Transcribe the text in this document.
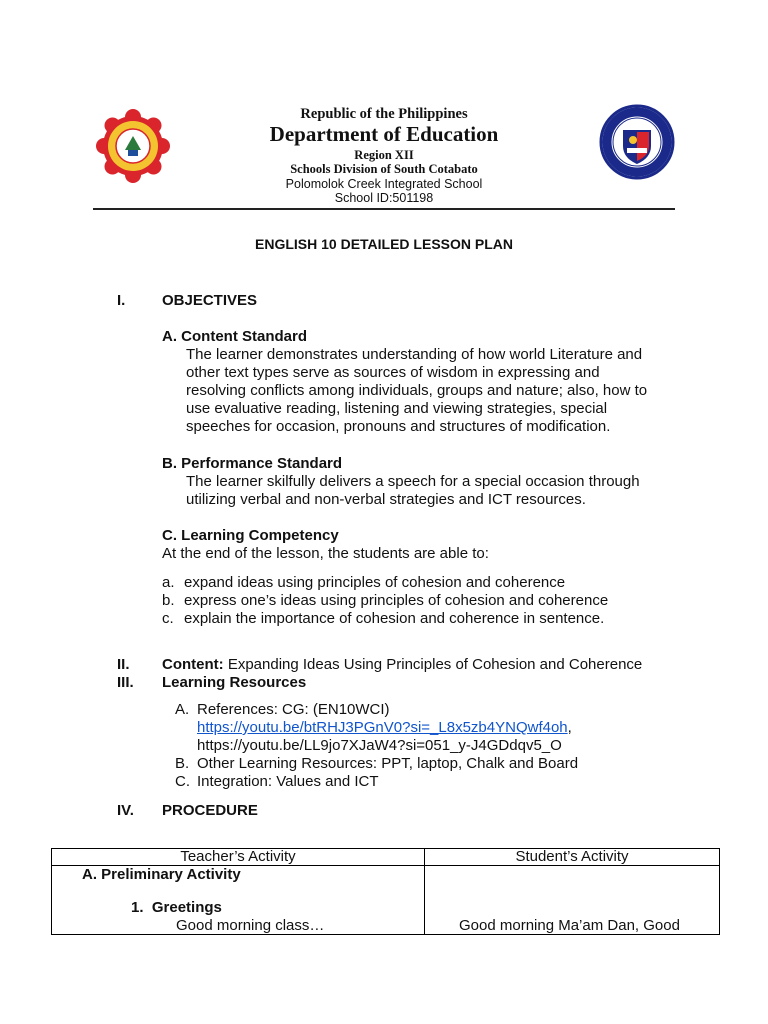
Republic of the Philippines
Department of Education
Region XII
Schools Division of South Cotabato
Polomolok Creek Integrated School
School ID:501198
ENGLISH 10 DETAILED LESSON PLAN
I. OBJECTIVES
A. Content Standard
The learner demonstrates understanding of how world Literature and
other text types serve as sources of wisdom in expressing and
resolving conflicts among individuals, groups and nature; also, how to
use evaluative reading, listening and viewing strategies, special
speeches for occasion, pronouns and structures of modification.
B. Performance Standard
The learner skilfully delivers a speech for a special occasion through
utilizing verbal and non-verbal strategies and ICT resources.
C. Learning Competency
At the end of the lesson, the students are able to:
a. expand ideas using principles of cohesion and coherence
b. express one’s ideas using principles of cohesion and coherence
c. explain the importance of cohesion and coherence in sentence.
II. Content: Expanding Ideas Using Principles of Cohesion and Coherence
III. Learning Resources
A. References: CG: (EN10WCI)
https://youtu.be/btRHJ3PGnV0?si=_L8x5zb4YNQwf4oh,
https://youtu.be/LL9jo7XJaW4?si=051_y-J4GDdqv5_O
B. Other Learning Resources: PPT, laptop, Chalk and Board
C. Integration: Values and ICT
IV. PROCEDURE
Teacher’s Activity	Student’s Activity

A. Preliminary Activity
1. Greetings
Good morning class…	Good morning Ma’am Dan, Good
